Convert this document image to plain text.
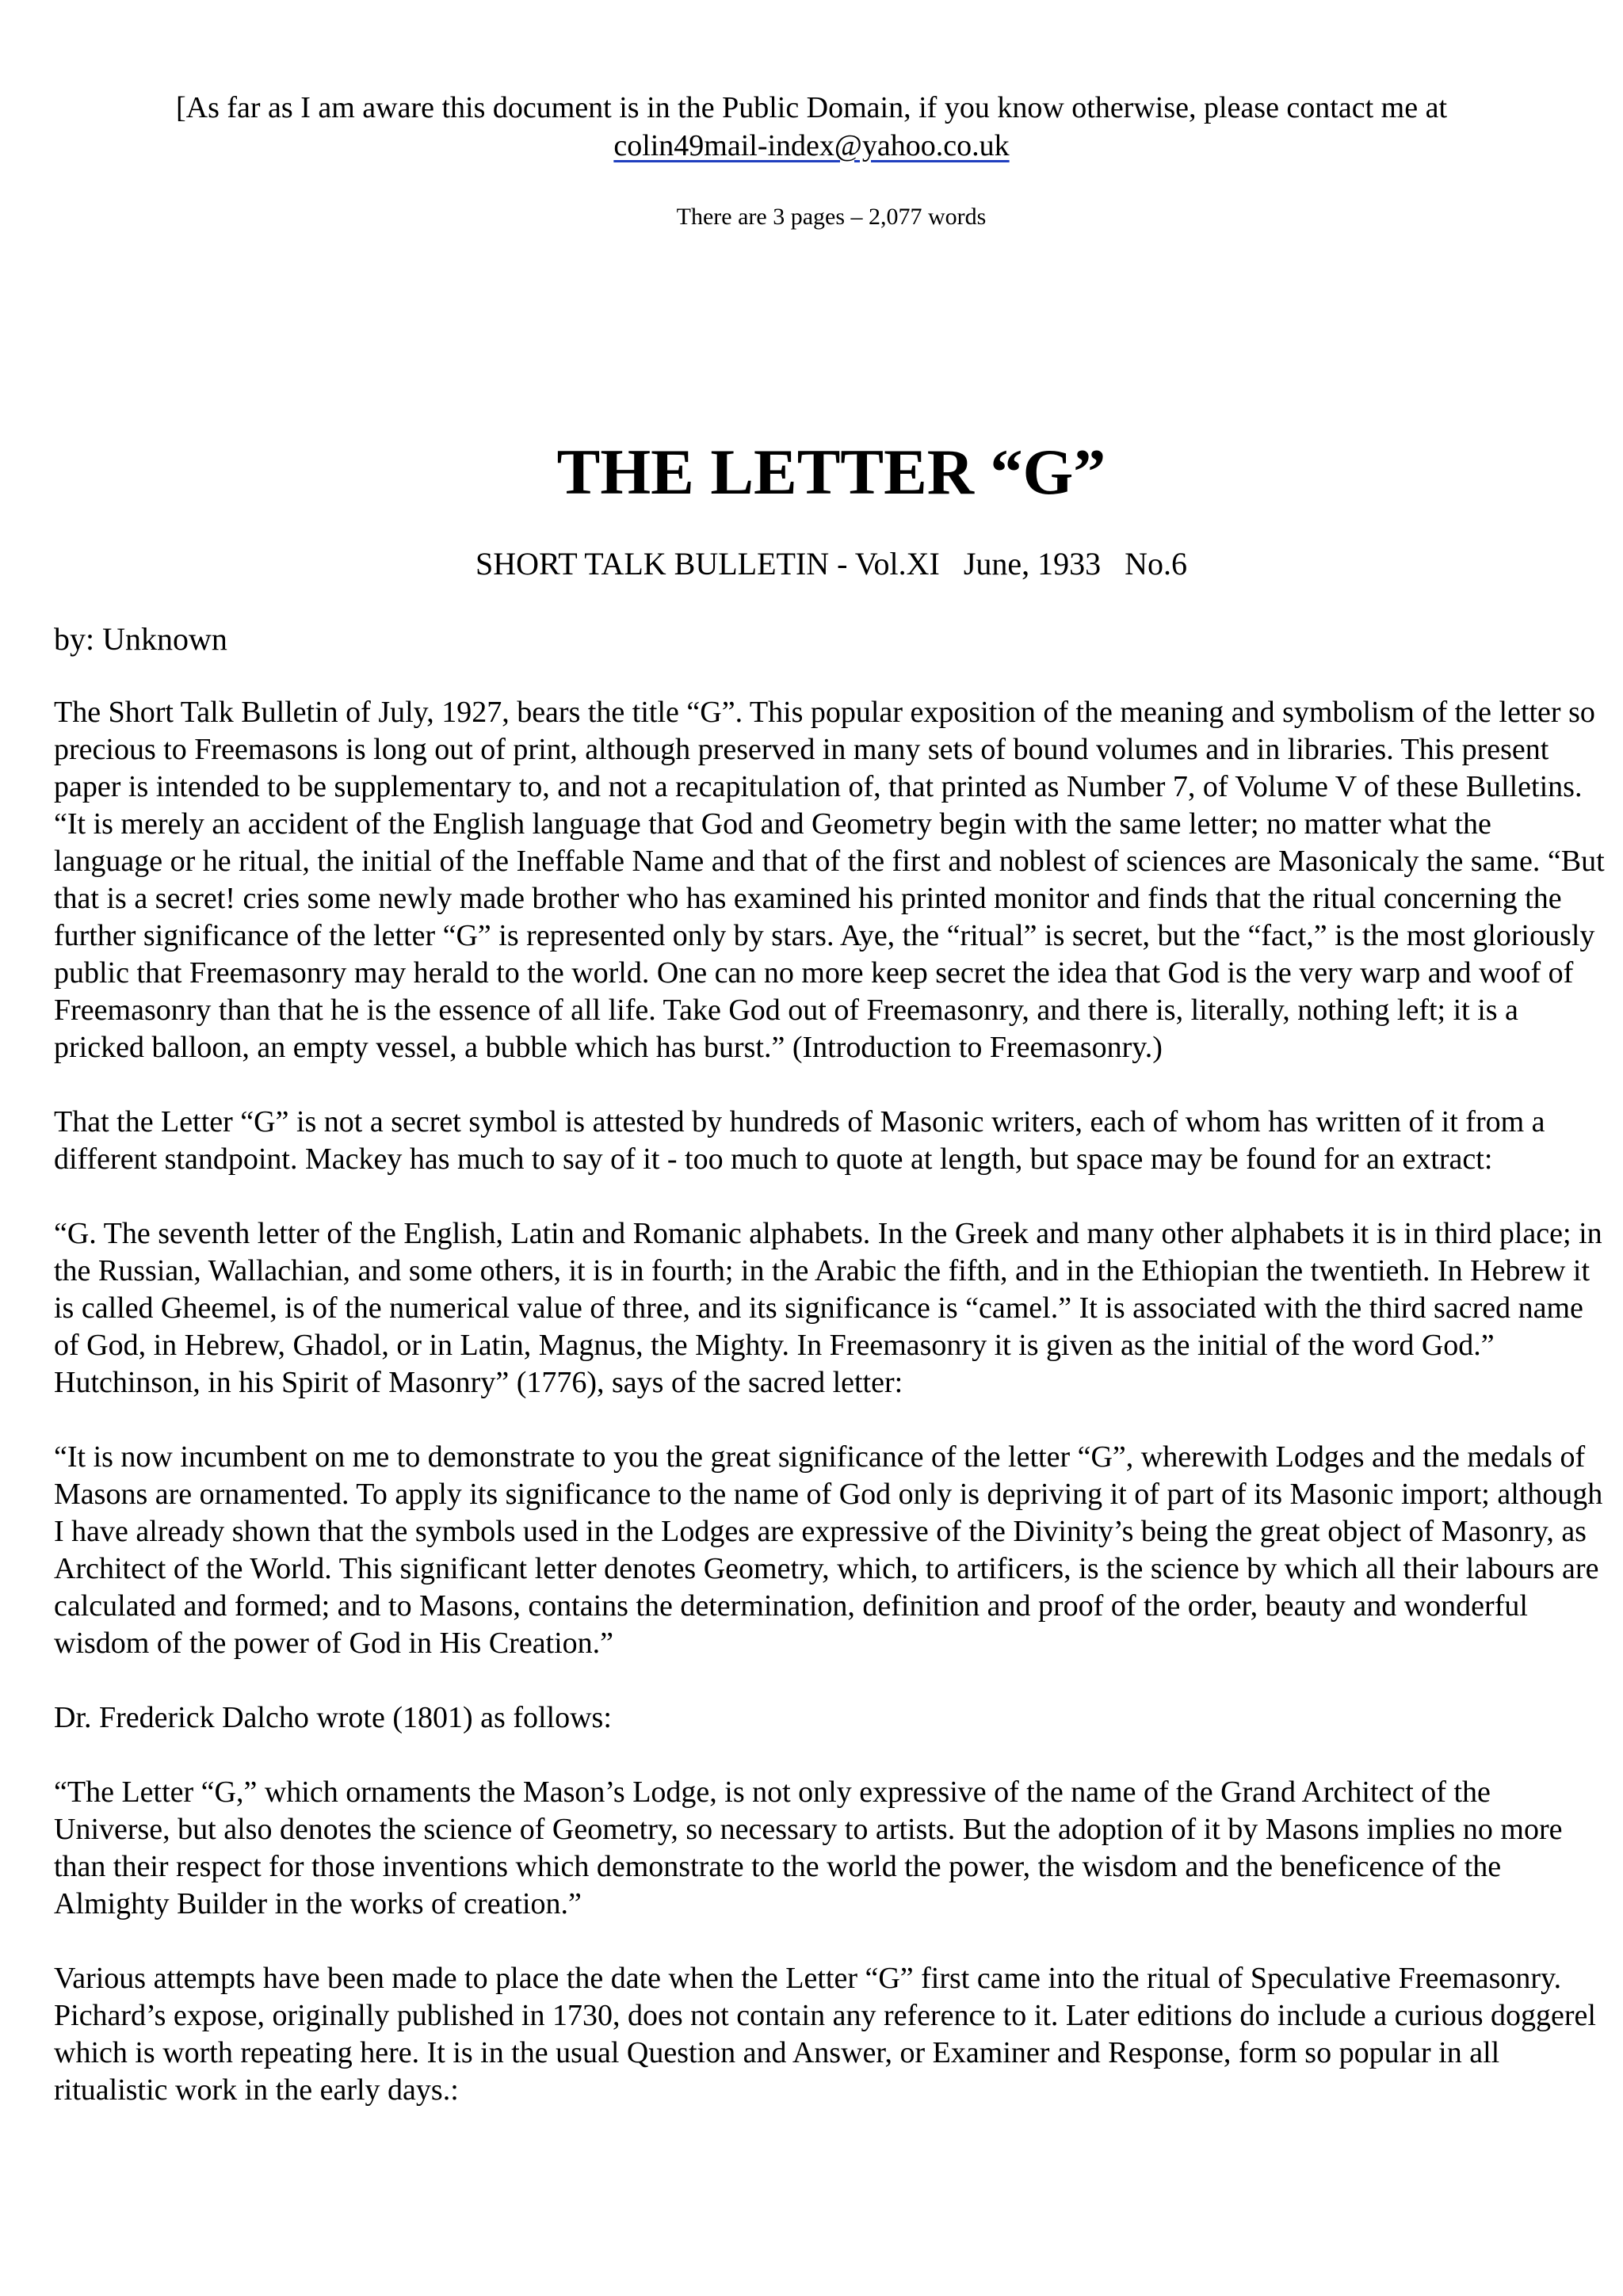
[As far as I am aware this document is in the Public Domain, if you know otherwise, please contact me at
colin49mail-index@yahoo.co.uk
There are 3 pages – 2,077 words
THE LETTER “G”
SHORT TALK BULLETIN - Vol.XI   June, 1933   No.6
by: Unknown

The Short Talk Bulletin of July, 1927, bears the title “G”. This popular exposition of the meaning and symbolism of the letter so precious to Freemasons is long out of print, although preserved in many sets of bound volumes and in libraries. This present paper is intended to be supplementary to, and not a recapitulation of, that printed as Number 7, of Volume V of these Bulletins. “It is merely an accident of the English language that God and Geometry begin with the same letter; no matter what the language or he ritual, the initial of the Ineffable Name and that of the first and noblest of sciences are Masonicaly the same. “But that is a secret! cries some newly made brother who has examined his printed monitor and finds that the ritual concerning the further significance of the letter “G” is represented only by stars. Aye, the “ritual” is secret, but the “fact,” is the most gloriously public that Freemasonry may herald to the world. One can no more keep secret the idea that God is the very warp and woof of Freemasonry than that he is the essence of all life. Take God out of Freemasonry, and there is, literally, nothing left; it is a pricked balloon, an empty vessel, a bubble which has burst.” (Introduction to Freemasonry.)

That the Letter “G” is not a secret symbol is attested by hundreds of Masonic writers, each of whom has written of it from a different standpoint. Mackey has much to say of it - too much to quote at length, but space may be found for an extract:

“G. The seventh letter of the English, Latin and Romanic alphabets. In the Greek and many other alphabets it is in third place; in the Russian, Wallachian, and some others, it is in fourth; in the Arabic the fifth, and in the Ethiopian the twentieth. In Hebrew it is called Gheemel, is of the numerical value of three, and its significance is “camel.” It is associated with the third sacred name of God, in Hebrew, Ghadol, or in Latin, Magnus, the Mighty. In Freemasonry it is given as the initial of the word God.” Hutchinson, in his Spirit of Masonry” (1776), says of the sacred letter:

“It is now incumbent on me to demonstrate to you the great significance of the letter “G”, wherewith Lodges and the medals of Masons are ornamented. To apply its significance to the name of God only is depriving it of part of its Masonic import; although I have already shown that the symbols used in the Lodges are expressive of the Divinity’s being the great object of Masonry, as Architect of the World. This significant letter denotes Geometry, which, to artificers, is the science by which all their labours are calculated and formed; and to Masons, contains the determination, definition and proof of the order, beauty and wonderful wisdom of the power of God in His Creation.”

Dr. Frederick Dalcho wrote (1801) as follows:

“The Letter “G,” which ornaments the Mason’s Lodge, is not only expressive of the name of the Grand Architect of the Universe, but also denotes the science of Geometry, so necessary to artists. But the adoption of it by Masons implies no more than their respect for those inventions which demonstrate to the world the power, the wisdom and the beneficence of the Almighty Builder in the works of creation.”

Various attempts have been made to place the date when the Letter “G” first came into the ritual of Speculative Freemasonry. Pichard’s expose, originally published in 1730, does not contain any reference to it. Later editions do include a curious doggerel which is worth repeating here. It is in the usual Question and Answer, or Examiner and Response, form so popular in all ritualistic work in the early days.:
